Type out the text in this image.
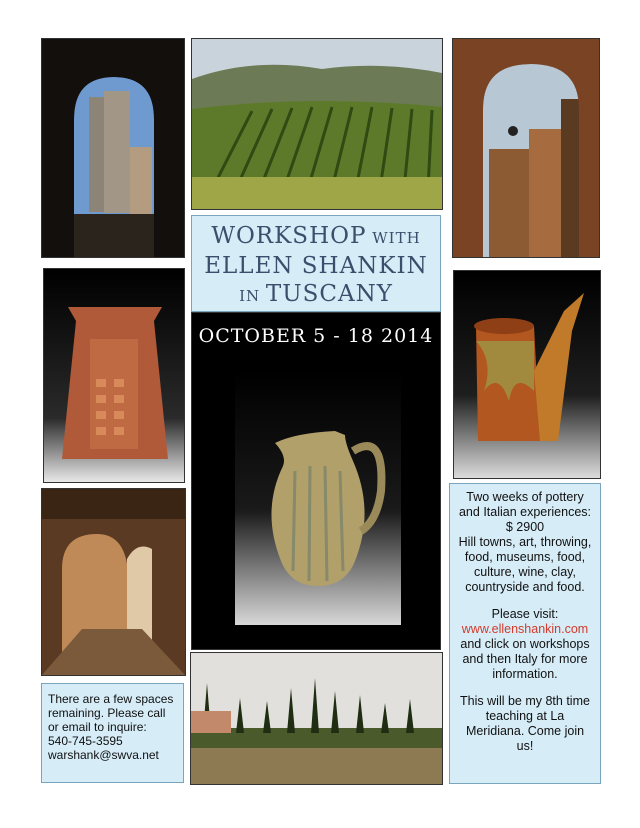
WORKSHOP WITH
ELLEN SHANKIN
IN TUSCANY
OCTOBER 5 - 18 2014

Two weeks of pottery and Italian experiences:
$ 2900
Hill towns, art, throwing, food, museums, food, culture, wine, clay, countryside and food.

Please visit:
www.ellenshankin.com
and click on workshops and then Italy for more information.

This will be my 8th time teaching at La Meridiana. Come join us!

There are a few spaces remaining. Please call or email to inquire:

540-745-3595

warshank@swva.net
